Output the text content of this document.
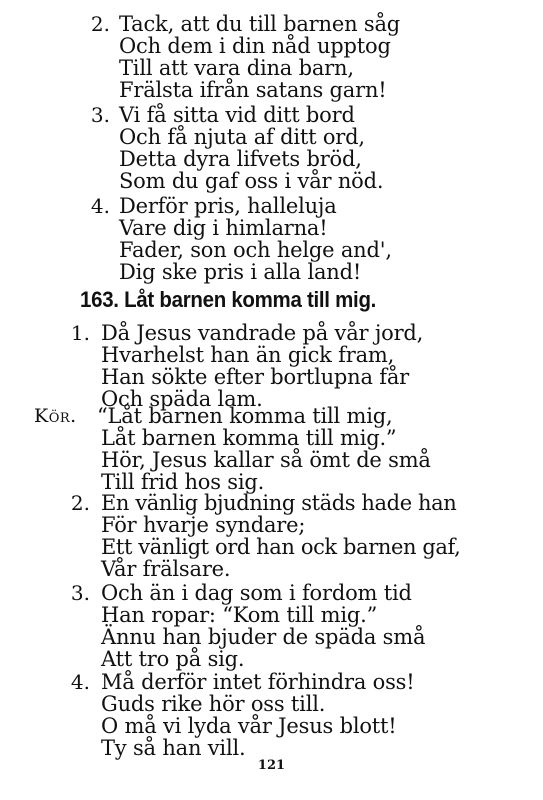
2. Tack, att du till barnen såg
Och dem i din nåd upptog
Till att vara dina barn,
Frälsta ifrån satans garn!
3. Vi få sitta vid ditt bord
Och få njuta af ditt ord,
Detta dyra lifvets bröd,
Som du gaf oss i vår nöd.
4. Derför pris, halleluja
Vare dig i himlarna!
Fader, son och helge and',
Dig ske pris i alla land!
163. Låt barnen komma till mig.
1. Då Jesus vandrade på vår jord,
Hvarhelst han än gick fram,
Han sökte efter bortlupna får
Och späda lam.
Kör. “Låt barnen komma till mig,
Låt barnen komma till mig.”
Hör, Jesus kallar så ömt de små
Till frid hos sig.
2. En vänlig bjudning städs hade han
För hvarje syndare;
Ett vänligt ord han ock barnen gaf,
Vår frälsare.
3. Och än i dag som i fordom tid
Han ropar: “Kom till mig.”
Ännu han bjuder de späda små
Att tro på sig.
4. Må derför intet förhindra oss!
Guds rike hör oss till.
O må vi lyda vår Jesus blott!
Ty så han vill.
121
